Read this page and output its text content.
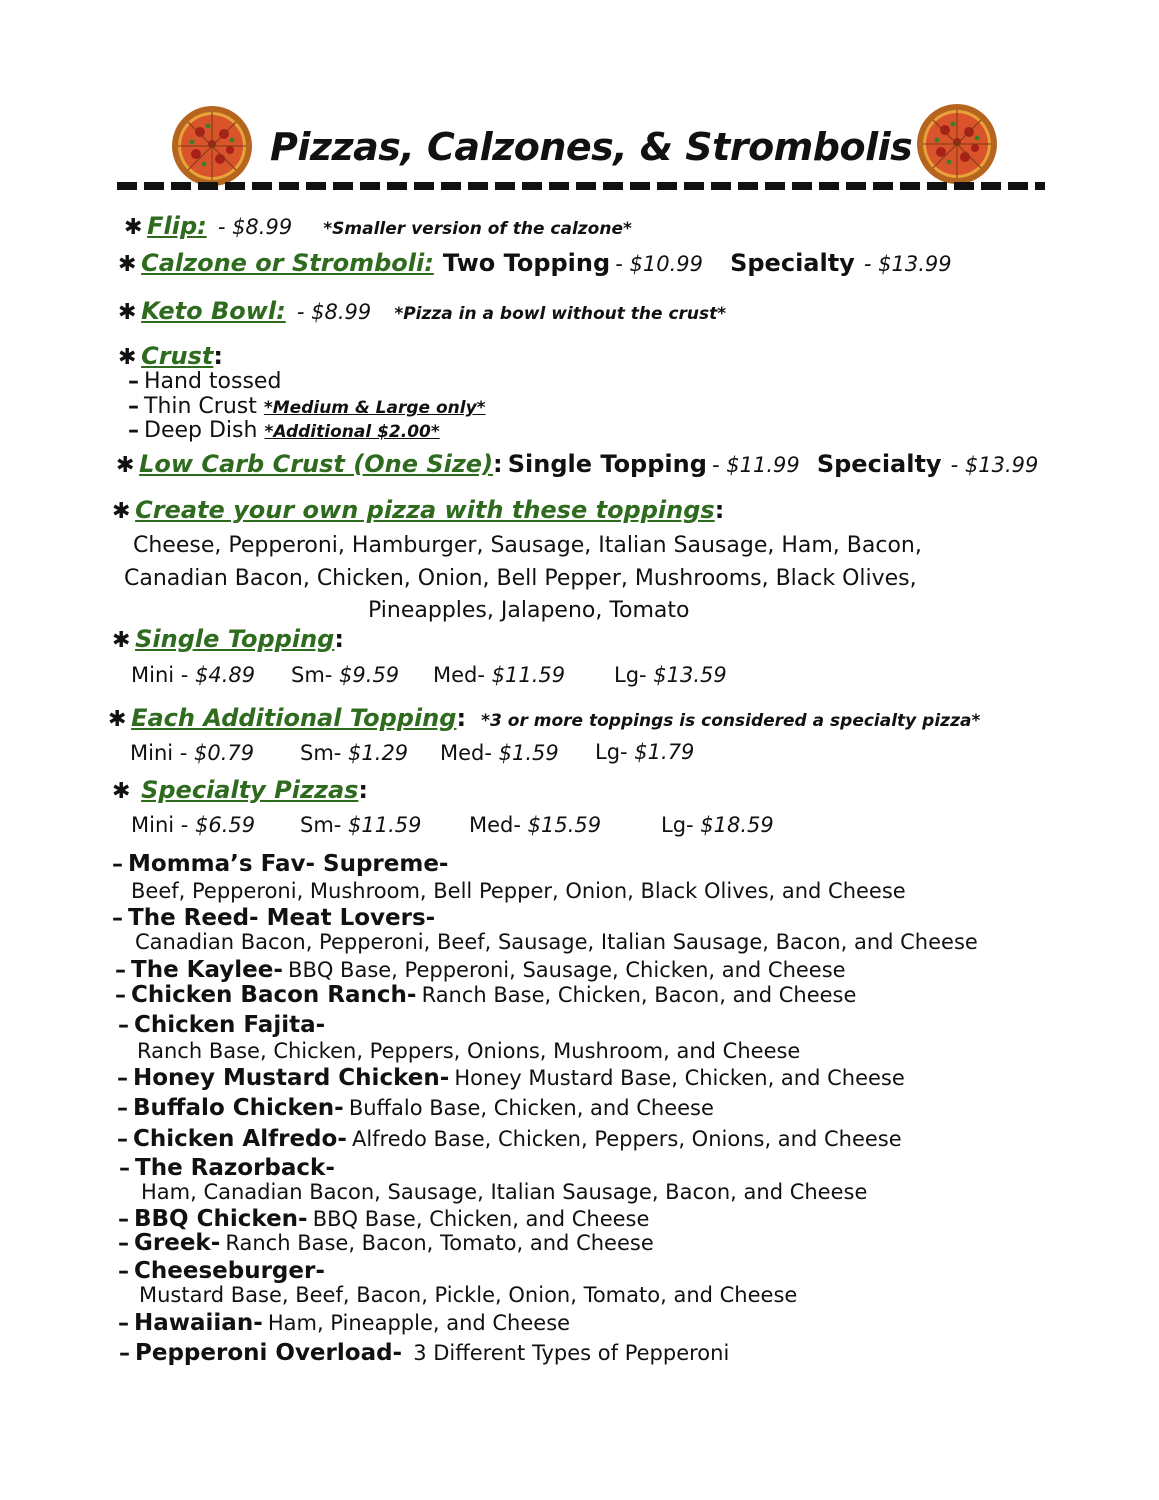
Pizzas, Calzones, & Strombolis
✱ Flip: - $8.99 *Smaller version of the calzone*
✱ Calzone or Stromboli: Two Topping - $10.99 Specialty - $13.99
✱ Keto Bowl: - $8.99 *Pizza in a bowl without the crust*
✱ Crust:
– Hand tossed
– Thin Crust *Medium & Large only*
– Deep Dish *Additional $2.00*
✱ Low Carb Crust (One Size): Single Topping - $11.99 Specialty - $13.99
✱ Create your own pizza with these toppings:
Cheese, Pepperoni, Hamburger, Sausage, Italian Sausage, Ham, Bacon,
Canadian Bacon, Chicken, Onion, Bell Pepper, Mushrooms, Black Olives,
Pineapples, Jalapeno, Tomato
✱ Single Topping:
Mini - $4.89 Sm- $9.59 Med- $11.59 Lg- $13.59
✱ Each Additional Topping: *3 or more toppings is considered a specialty pizza*
Mini - $0.79 Sm- $1.29 Med- $1.59 Lg- $1.79
✱ Specialty Pizzas:
Mini - $6.59 Sm- $11.59 Med- $15.59	Lg- $18.59
– Momma’s Fav- Supreme-
Beef, Pepperoni, Mushroom, Bell Pepper, Onion, Black Olives, and Cheese
– The Reed- Meat Lovers-
Canadian Bacon, Pepperoni, Beef, Sausage, Italian Sausage, Bacon, and Cheese
– The Kaylee- BBQ Base, Pepperoni, Sausage, Chicken, and Cheese
– Chicken Bacon Ranch- Ranch Base, Chicken, Bacon, and Cheese
– Chicken Fajita-
Ranch Base, Chicken, Peppers, Onions, Mushroom, and Cheese
– Honey Mustard Chicken- Honey Mustard Base, Chicken, and Cheese
– Buffalo Chicken- Buffalo Base, Chicken, and Cheese
– Chicken Alfredo- Alfredo Base, Chicken, Peppers, Onions, and Cheese
– The Razorback-
Ham, Canadian Bacon, Sausage, Italian Sausage, Bacon, and Cheese
– BBQ Chicken- BBQ Base, Chicken, and Cheese
– Greek- Ranch Base, Bacon, Tomato, and Cheese
– Cheeseburger-
Mustard Base, Beef, Bacon, Pickle, Onion, Tomato, and Cheese
– Hawaiian- Ham, Pineapple, and Cheese
– Pepperoni Overload- 3 Different Types of Pepperoni
